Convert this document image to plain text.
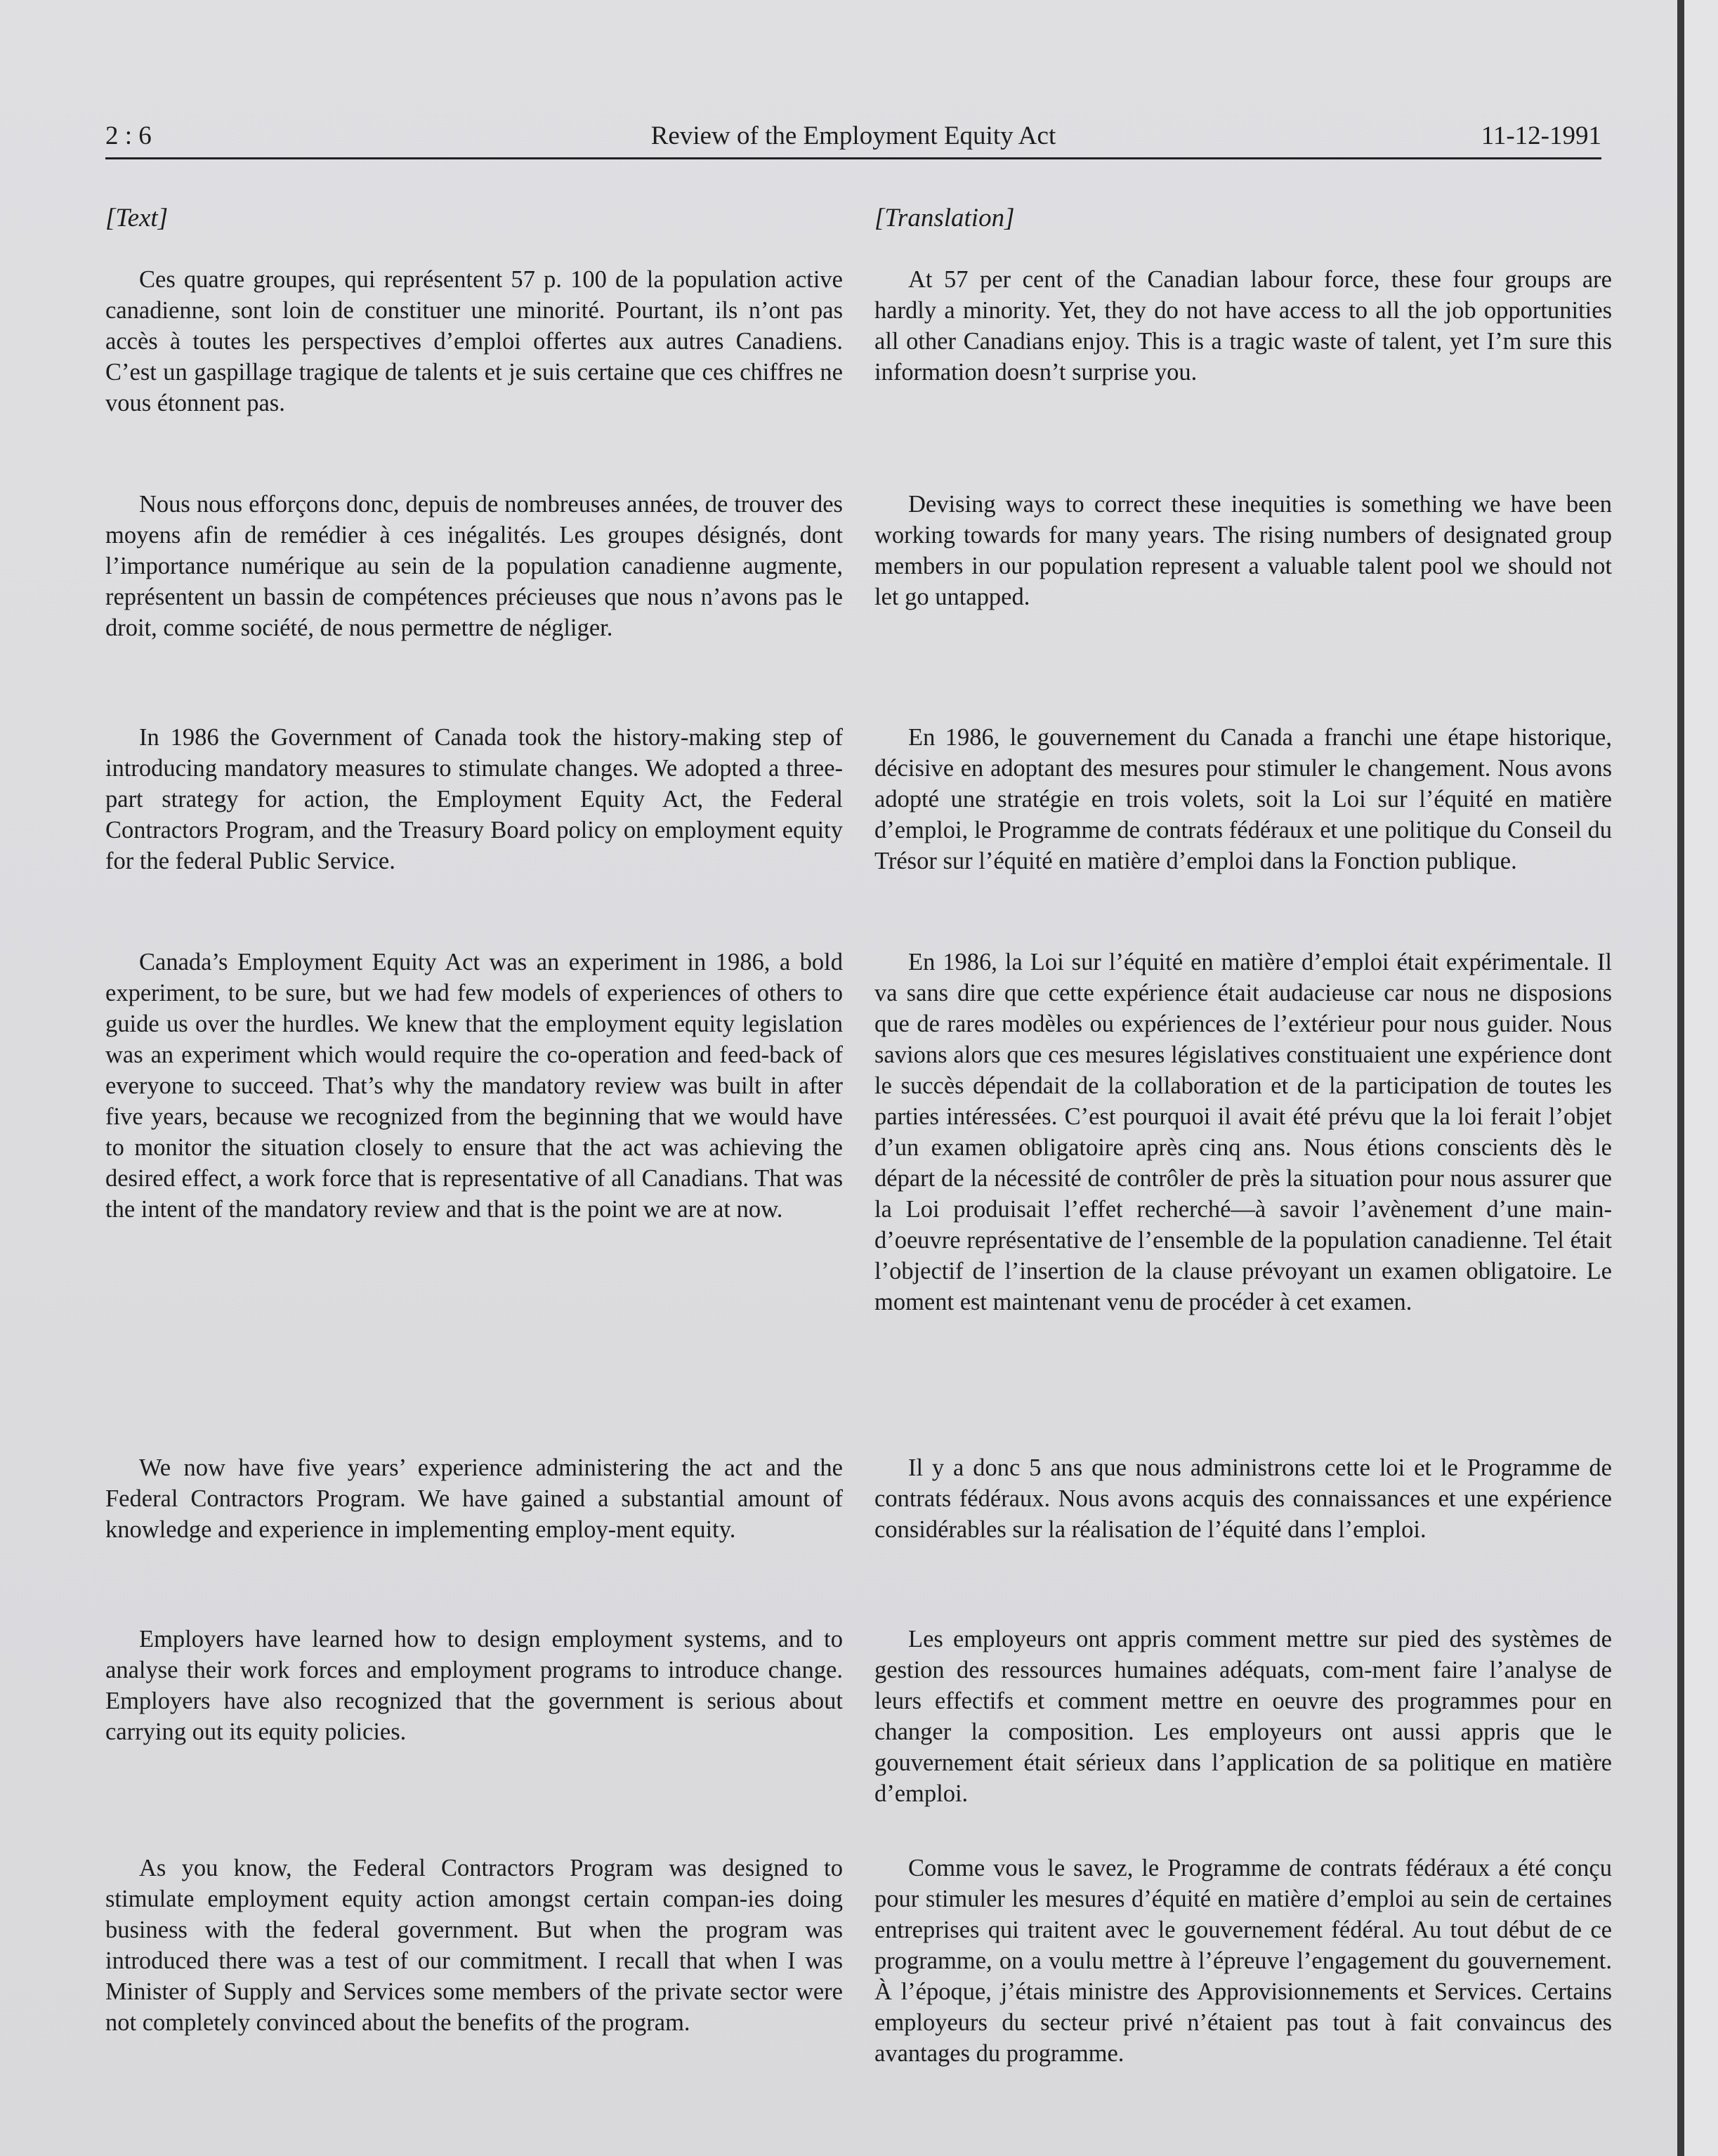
2 : 6	Review of the Employment Equity Act	11-12-1991
[Text]

Ces quatre groupes, qui représentent 57 p. 100 de la population active canadienne, sont loin de constituer une minorité. Pourtant, ils n’ont pas accès à toutes les perspectives d’emploi offertes aux autres Canadiens. C’est un gaspillage tragique de talents et je suis certaine que ces chiffres ne vous étonnent pas.

Nous nous efforçons donc, depuis de nombreuses années, de trouver des moyens afin de remédier à ces inégalités. Les groupes désignés, dont l’importance numérique au sein de la population canadienne augmente, représentent un bassin de compétences précieuses que nous n’avons pas le droit, comme société, de nous permettre de négliger.

In 1986 the Government of Canada took the history-making step of introducing mandatory measures to stimulate changes. We adopted a three-part strategy for action, the Employment Equity Act, the Federal Contractors Program, and the Treasury Board policy on employment equity for the federal Public Service.

Canada’s Employment Equity Act was an experiment in 1986, a bold experiment, to be sure, but we had few models of experiences of others to guide us over the hurdles. We knew that the employment equity legislation was an experiment which would require the co-operation and feed-back of everyone to succeed. That’s why the mandatory review was built in after five years, because we recognized from the beginning that we would have to monitor the situation closely to ensure that the act was achieving the desired effect, a work force that is representative of all Canadians. That was the intent of the mandatory review and that is the point we are at now.

We now have five years’ experience administering the act and the Federal Contractors Program. We have gained a substantial amount of knowledge and experience in implementing employ-ment equity.

Employers have learned how to design employment systems, and to analyse their work forces and employment programs to introduce change. Employers have also recognized that the government is serious about carrying out its equity policies.

As you know, the Federal Contractors Program was designed to stimulate employment equity action amongst certain compan-ies doing business with the federal government. But when the program was introduced there was a test of our commitment. I recall that when I was Minister of Supply and Services some members of the private sector were not completely convinced about the benefits of the program.

[Translation]

At 57 per cent of the Canadian labour force, these four groups are hardly a minority. Yet, they do not have access to all the job opportunities all other Canadians enjoy. This is a tragic waste of talent, yet I’m sure this information doesn’t surprise you.

Devising ways to correct these inequities is something we have been working towards for many years. The rising numbers of designated group members in our population represent a valuable talent pool we should not let go untapped.

En 1986, le gouvernement du Canada a franchi une étape historique, décisive en adoptant des mesures pour stimuler le changement. Nous avons adopté une stratégie en trois volets, soit la Loi sur l’équité en matière d’emploi, le Programme de contrats fédéraux et une politique du Conseil du Trésor sur l’équité en matière d’emploi dans la Fonction publique.

En 1986, la Loi sur l’équité en matière d’emploi était expérimentale. Il va sans dire que cette expérience était audacieuse car nous ne disposions que de rares modèles ou expériences de l’extérieur pour nous guider. Nous savions alors que ces mesures législatives constituaient une expérience dont le succès dépendait de la collaboration et de la participation de toutes les parties intéressées. C’est pourquoi il avait été prévu que la loi ferait l’objet d’un examen obligatoire après cinq ans. Nous étions conscients dès le départ de la nécessité de contrôler de près la situation pour nous assurer que la Loi produisait l’effet recherché—à savoir l’avènement d’une main-d’oeuvre représentative de l’ensemble de la population canadienne. Tel était l’objectif de l’insertion de la clause prévoyant un examen obligatoire. Le moment est maintenant venu de procéder à cet examen.

Il y a donc 5 ans que nous administrons cette loi et le Programme de contrats fédéraux. Nous avons acquis des connaissances et une expérience considérables sur la réalisation de l’équité dans l’emploi.

Les employeurs ont appris comment mettre sur pied des systèmes de gestion des ressources humaines adéquats, com-ment faire l’analyse de leurs effectifs et comment mettre en oeuvre des programmes pour en changer la composition. Les employeurs ont aussi appris que le gouvernement était sérieux dans l’application de sa politique en matière d’emploi.

Comme vous le savez, le Programme de contrats fédéraux a été conçu pour stimuler les mesures d’équité en matière d’emploi au sein de certaines entreprises qui traitent avec le gouvernement fédéral. Au tout début de ce programme, on a voulu mettre à l’épreuve l’engagement du gouvernement. À l’époque, j’étais ministre des Approvisionnements et Services. Certains employeurs du secteur privé n’étaient pas tout à fait convaincus des avantages du programme.
